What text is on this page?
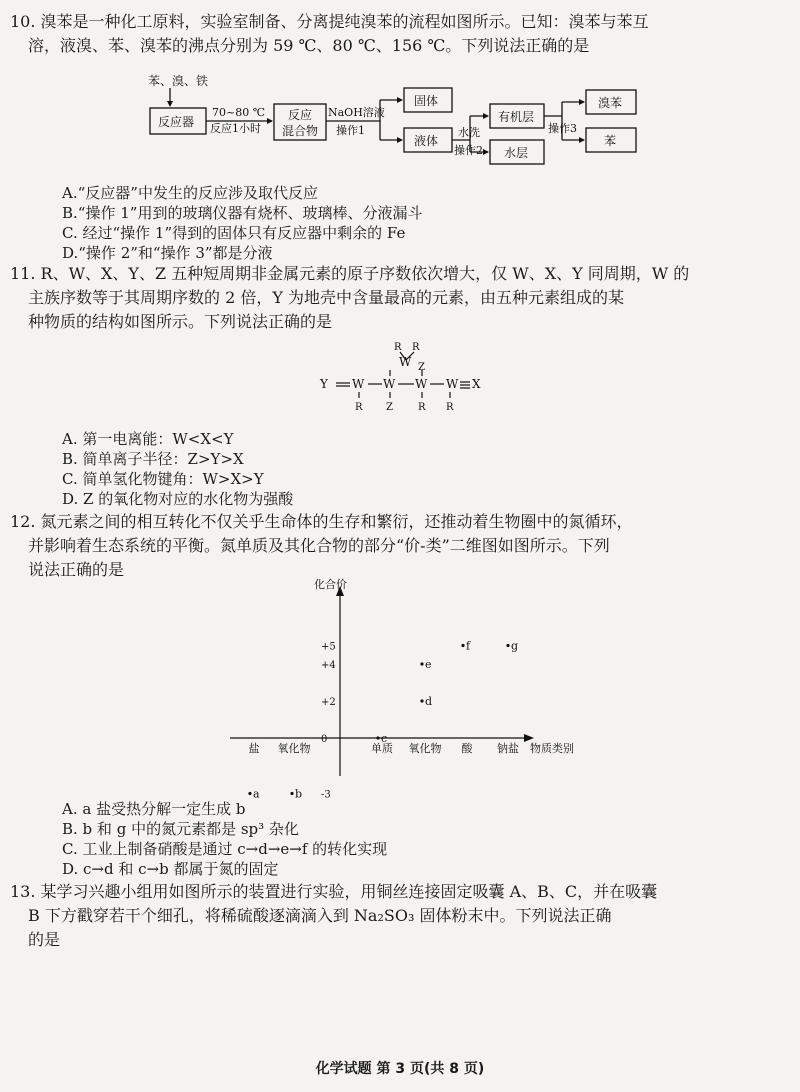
10. 溴苯是一种化工原料，实验室制备、分离提纯溴苯的流程如图所示。已知：溴苯与苯互
溶，液溴、苯、溴苯的沸点分别为 59 ℃、80 ℃、156 ℃。下列说法正确的是
苯、溴、铁
反应器
70~80 ℃
反应1小时
反应
混合物
NaOH溶液
操作1
固体
液体
水洗
操作2
有机层
水层
操作3
溴苯
苯
A.“反应器”中发生的反应涉及取代反应
B.“操作 1”用到的玻璃仪器有烧杯、玻璃棒、分液漏斗
C. 经过“操作 1”得到的固体只有反应器中剩余的 Fe
D.“操作 2”和“操作 3”都是分液
11. R、W、X、Y、Z 五种短周期非金属元素的原子序数依次增大，仅 W、X、Y 同周期，W 的
主族序数等于其周期序数的 2 倍，Y 为地壳中含量最高的元素，由五种元素组成的某
种物质的结构如图所示。下列说法正确的是
Y W W W W X
W
R R
Z
R Z	R R
A. 第一电离能：W<X<Y
B. 简单离子半径：Z>Y>X
C. 简单氢化物键角：W>X>Y
D. Z 的氧化物对应的水化物为强酸
12. 氮元素之间的相互转化不仅关乎生命体的生存和繁衍，还推动着生物圈中的氮循环，
并影响着生态系统的平衡。氮单质及其化合物的部分“价-类”二维图如图所示。下列
说法正确的是
化合价
物质类别
+5
+4
+2
0
-3
盐 氧化物	单质 氧化物 酸 钠盐
a	b
c
d
e
f	g
A. a 盐受热分解一定生成 b
B. b 和 g 中的氮元素都是 sp³ 杂化
C. 工业上制备硝酸是通过 c→d→e→f 的转化实现
D. c→d 和 c→b 都属于氮的固定
13. 某学习兴趣小组用如图所示的装置进行实验，用铜丝连接固定吸囊 A、B、C，并在吸囊
B 下方戳穿若干个细孔，将稀硫酸逐滴滴入到 Na₂SO₃ 固体粉末中。下列说法正确
的是
化学试题 第 3 页(共 8 页)
